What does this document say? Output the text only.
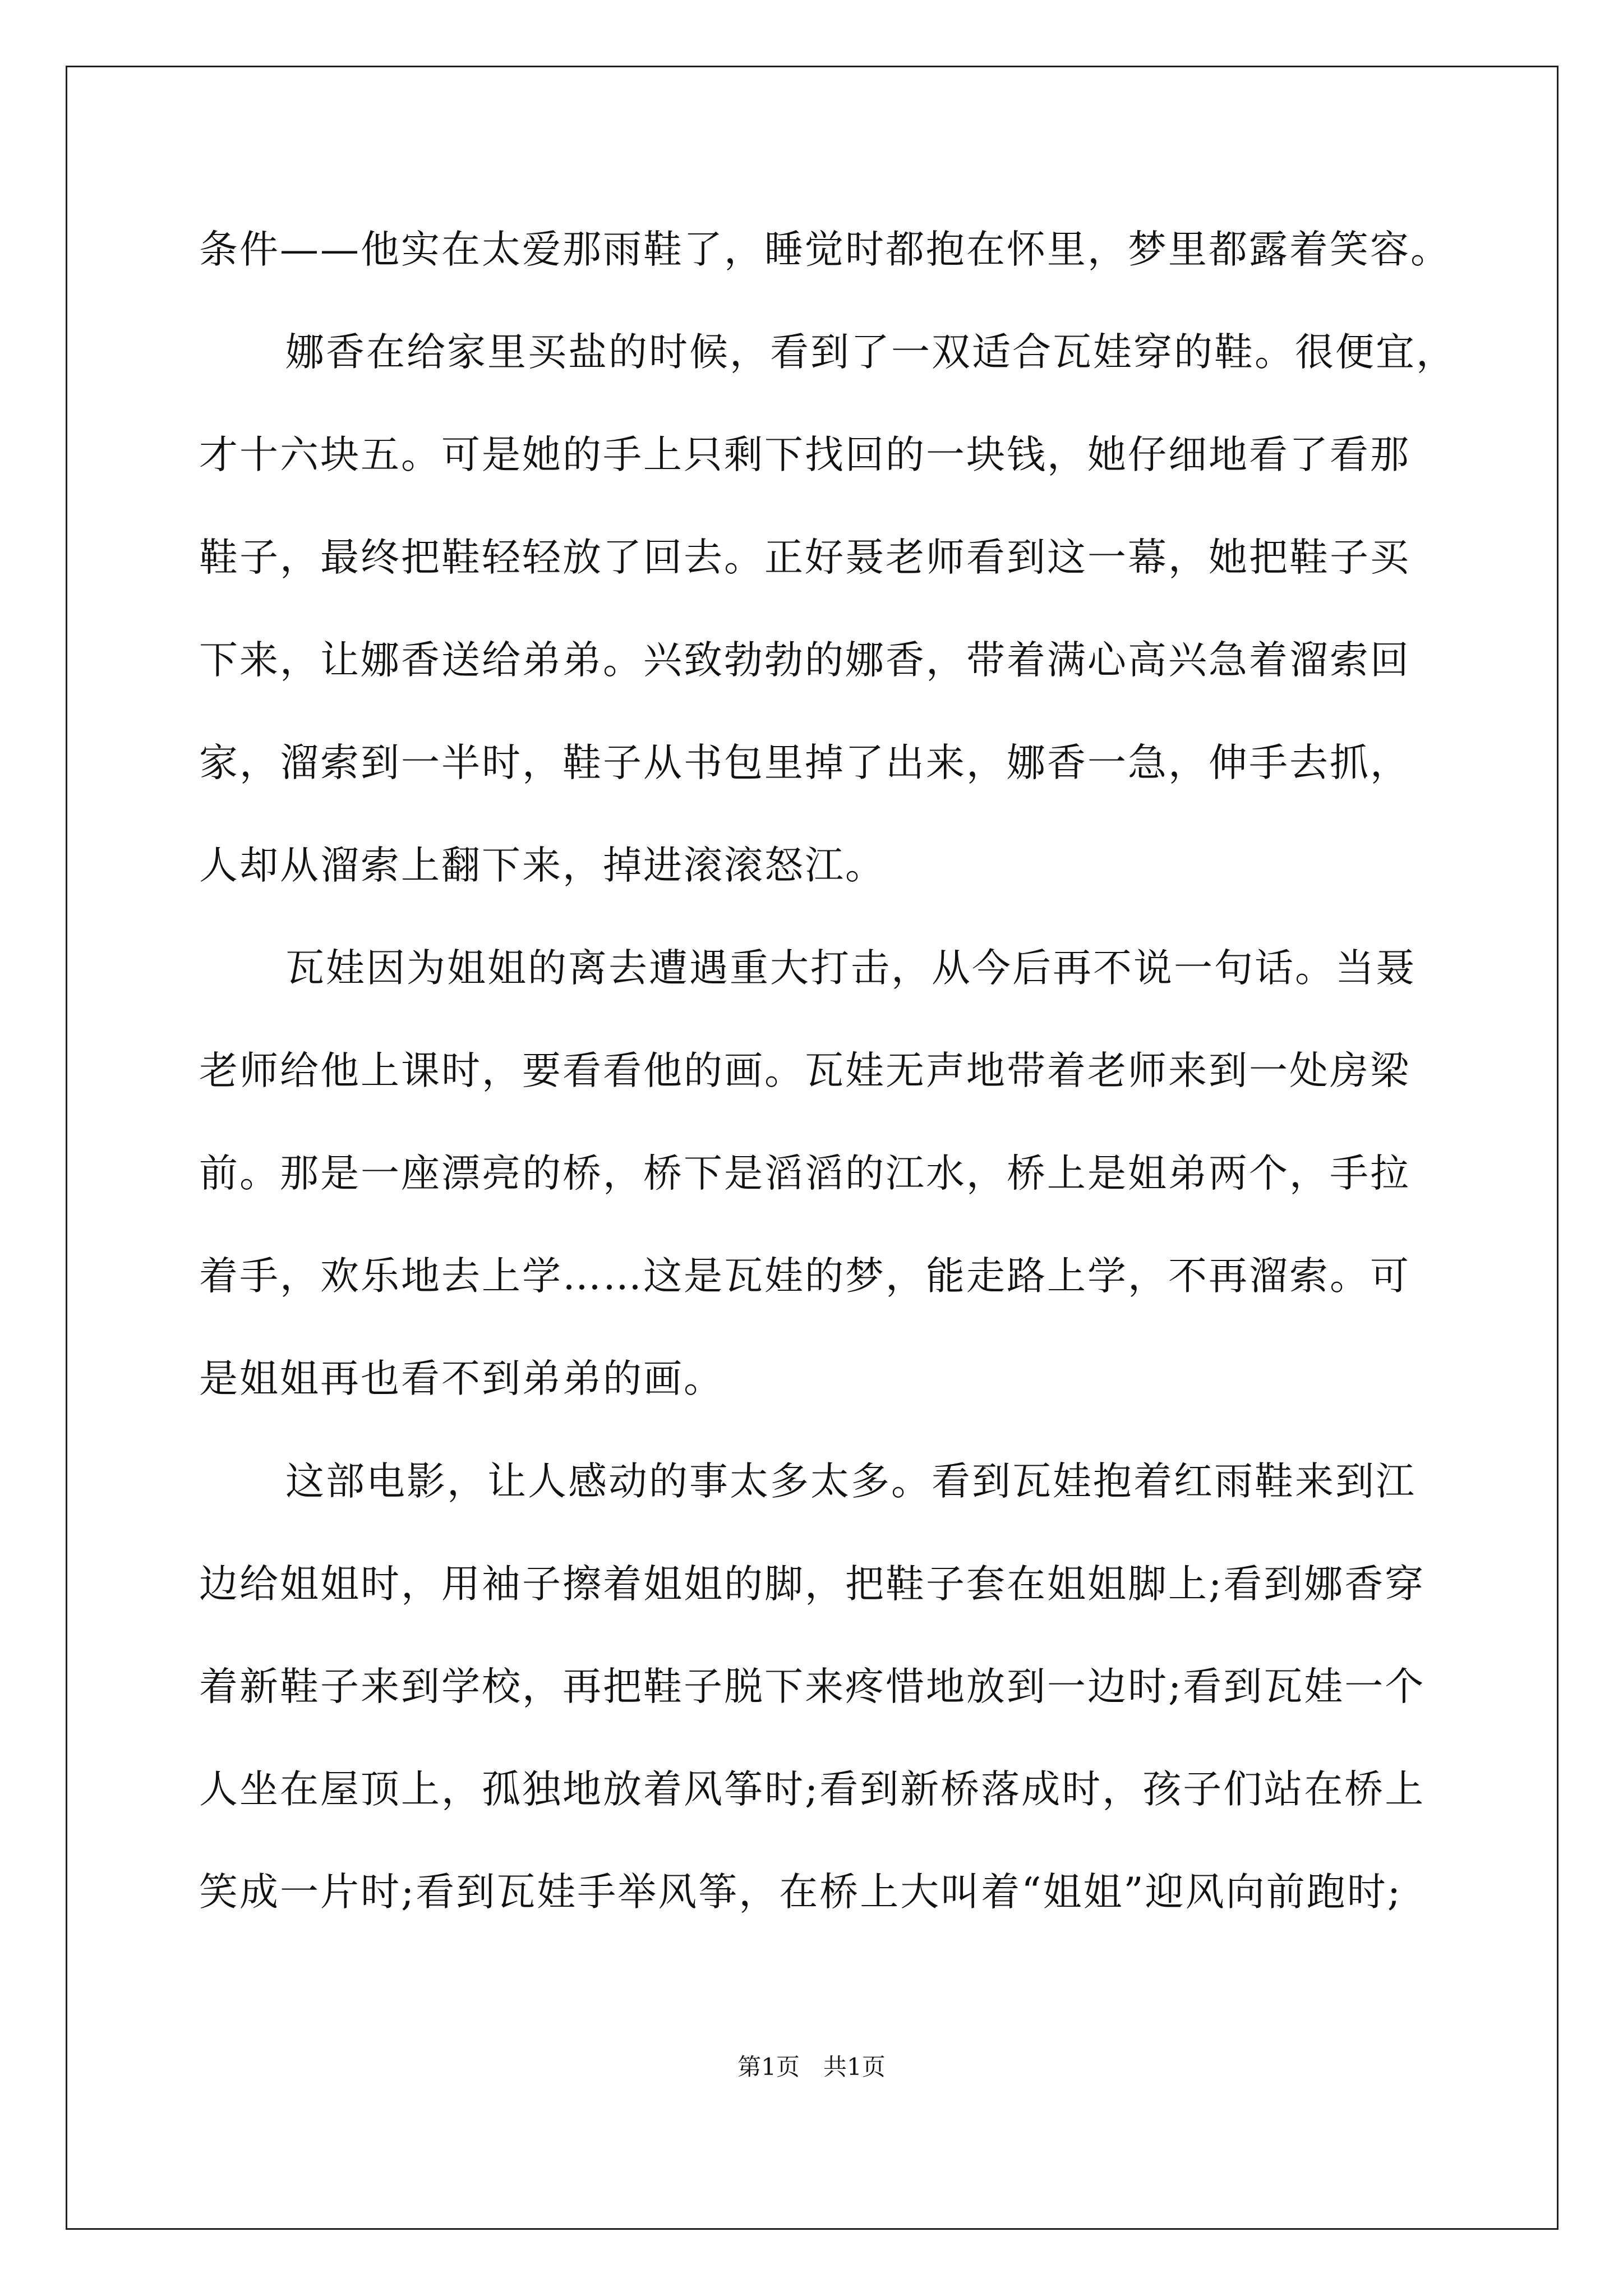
条件——他实在太爱那雨鞋了，睡觉时都抱在怀里，梦里都露着笑容。
娜香在给家里买盐的时候，看到了一双适合瓦娃穿的鞋。很便宜，
才十六块五。可是她的手上只剩下找回的一块钱，她仔细地看了看那
鞋子，最终把鞋轻轻放了回去。正好聂老师看到这一幕，她把鞋子买
下来，让娜香送给弟弟。兴致勃勃的娜香，带着满心高兴急着溜索回
家，溜索到一半时，鞋子从书包里掉了出来，娜香一急，伸手去抓，
人却从溜索上翻下来，掉进滚滚怒江。
瓦娃因为姐姐的离去遭遇重大打击，从今后再不说一句话。当聂
老师给他上课时，要看看他的画。瓦娃无声地带着老师来到一处房梁
前。那是一座漂亮的桥，桥下是滔滔的江水，桥上是姐弟两个，手拉
着手，欢乐地去上学……这是瓦娃的梦，能走路上学，不再溜索。可
是姐姐再也看不到弟弟的画。
这部电影，让人感动的事太多太多。看到瓦娃抱着红雨鞋来到江
边给姐姐时，用袖子擦着姐姐的脚，把鞋子套在姐姐脚上;看到娜香穿
着新鞋子来到学校，再把鞋子脱下来疼惜地放到一边时;看到瓦娃一个
人坐在屋顶上，孤独地放着风筝时;看到新桥落成时，孩子们站在桥上
笑成一片时;看到瓦娃手举风筝，在桥上大叫着“姐姐”迎风向前跑时;
第1页　共1页
